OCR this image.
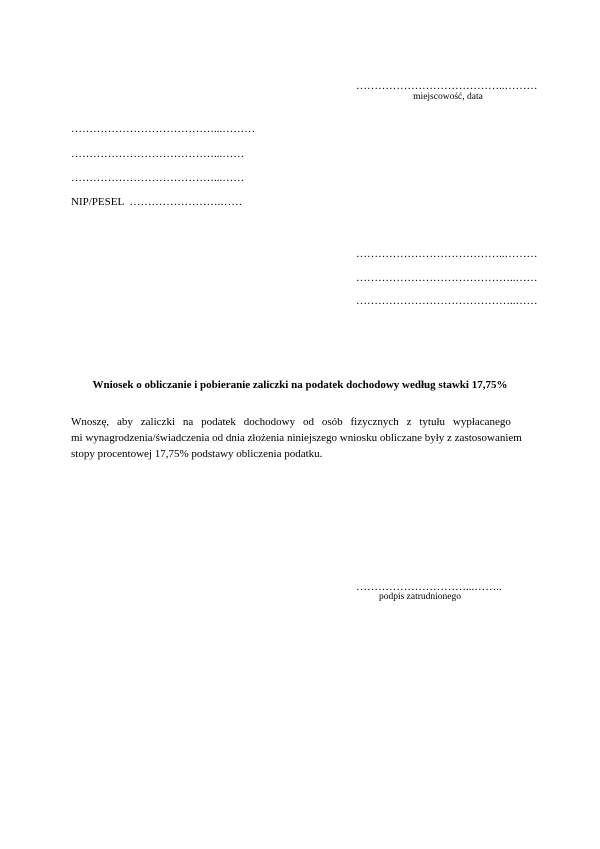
…………………………………..………
miejscowość, data
…………………………………...………
…………………………………...……
…………………………………...……
NIP/PESEL …………………….……
…………………………………..………
……………………………………..……
……………………………………..……
Wniosek o obliczanie i pobieranie zaliczki na podatek dochodowy według stawki 17,75%
Wnoszę, aby zaliczki na podatek dochodowy od osób fizycznych z tytułu wypłacanego
mi wynagrodzenia/świadczenia od dnia złożenia niniejszego wniosku obliczane były z zastosowaniem
stopy procentowej 17,75% podstawy obliczenia podatku.
…………………………...……..
podpis zatrudnionego
